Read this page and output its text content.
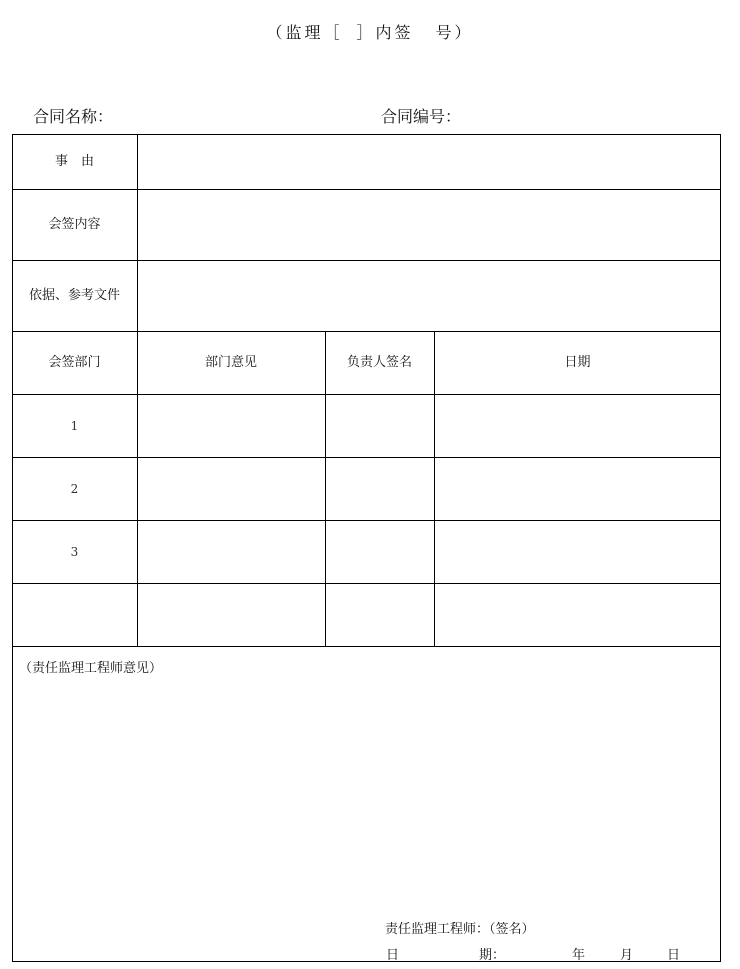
（监理［ ］内签 号）
合同名称：	合同编号：
事　由
会签内容
依据、参考文件
会签部门	部门意见	负责人签名	日期
1
2
3
（责任监理工程师意见）
责任监理工程师：（签名）
日	期：	年	月	日
